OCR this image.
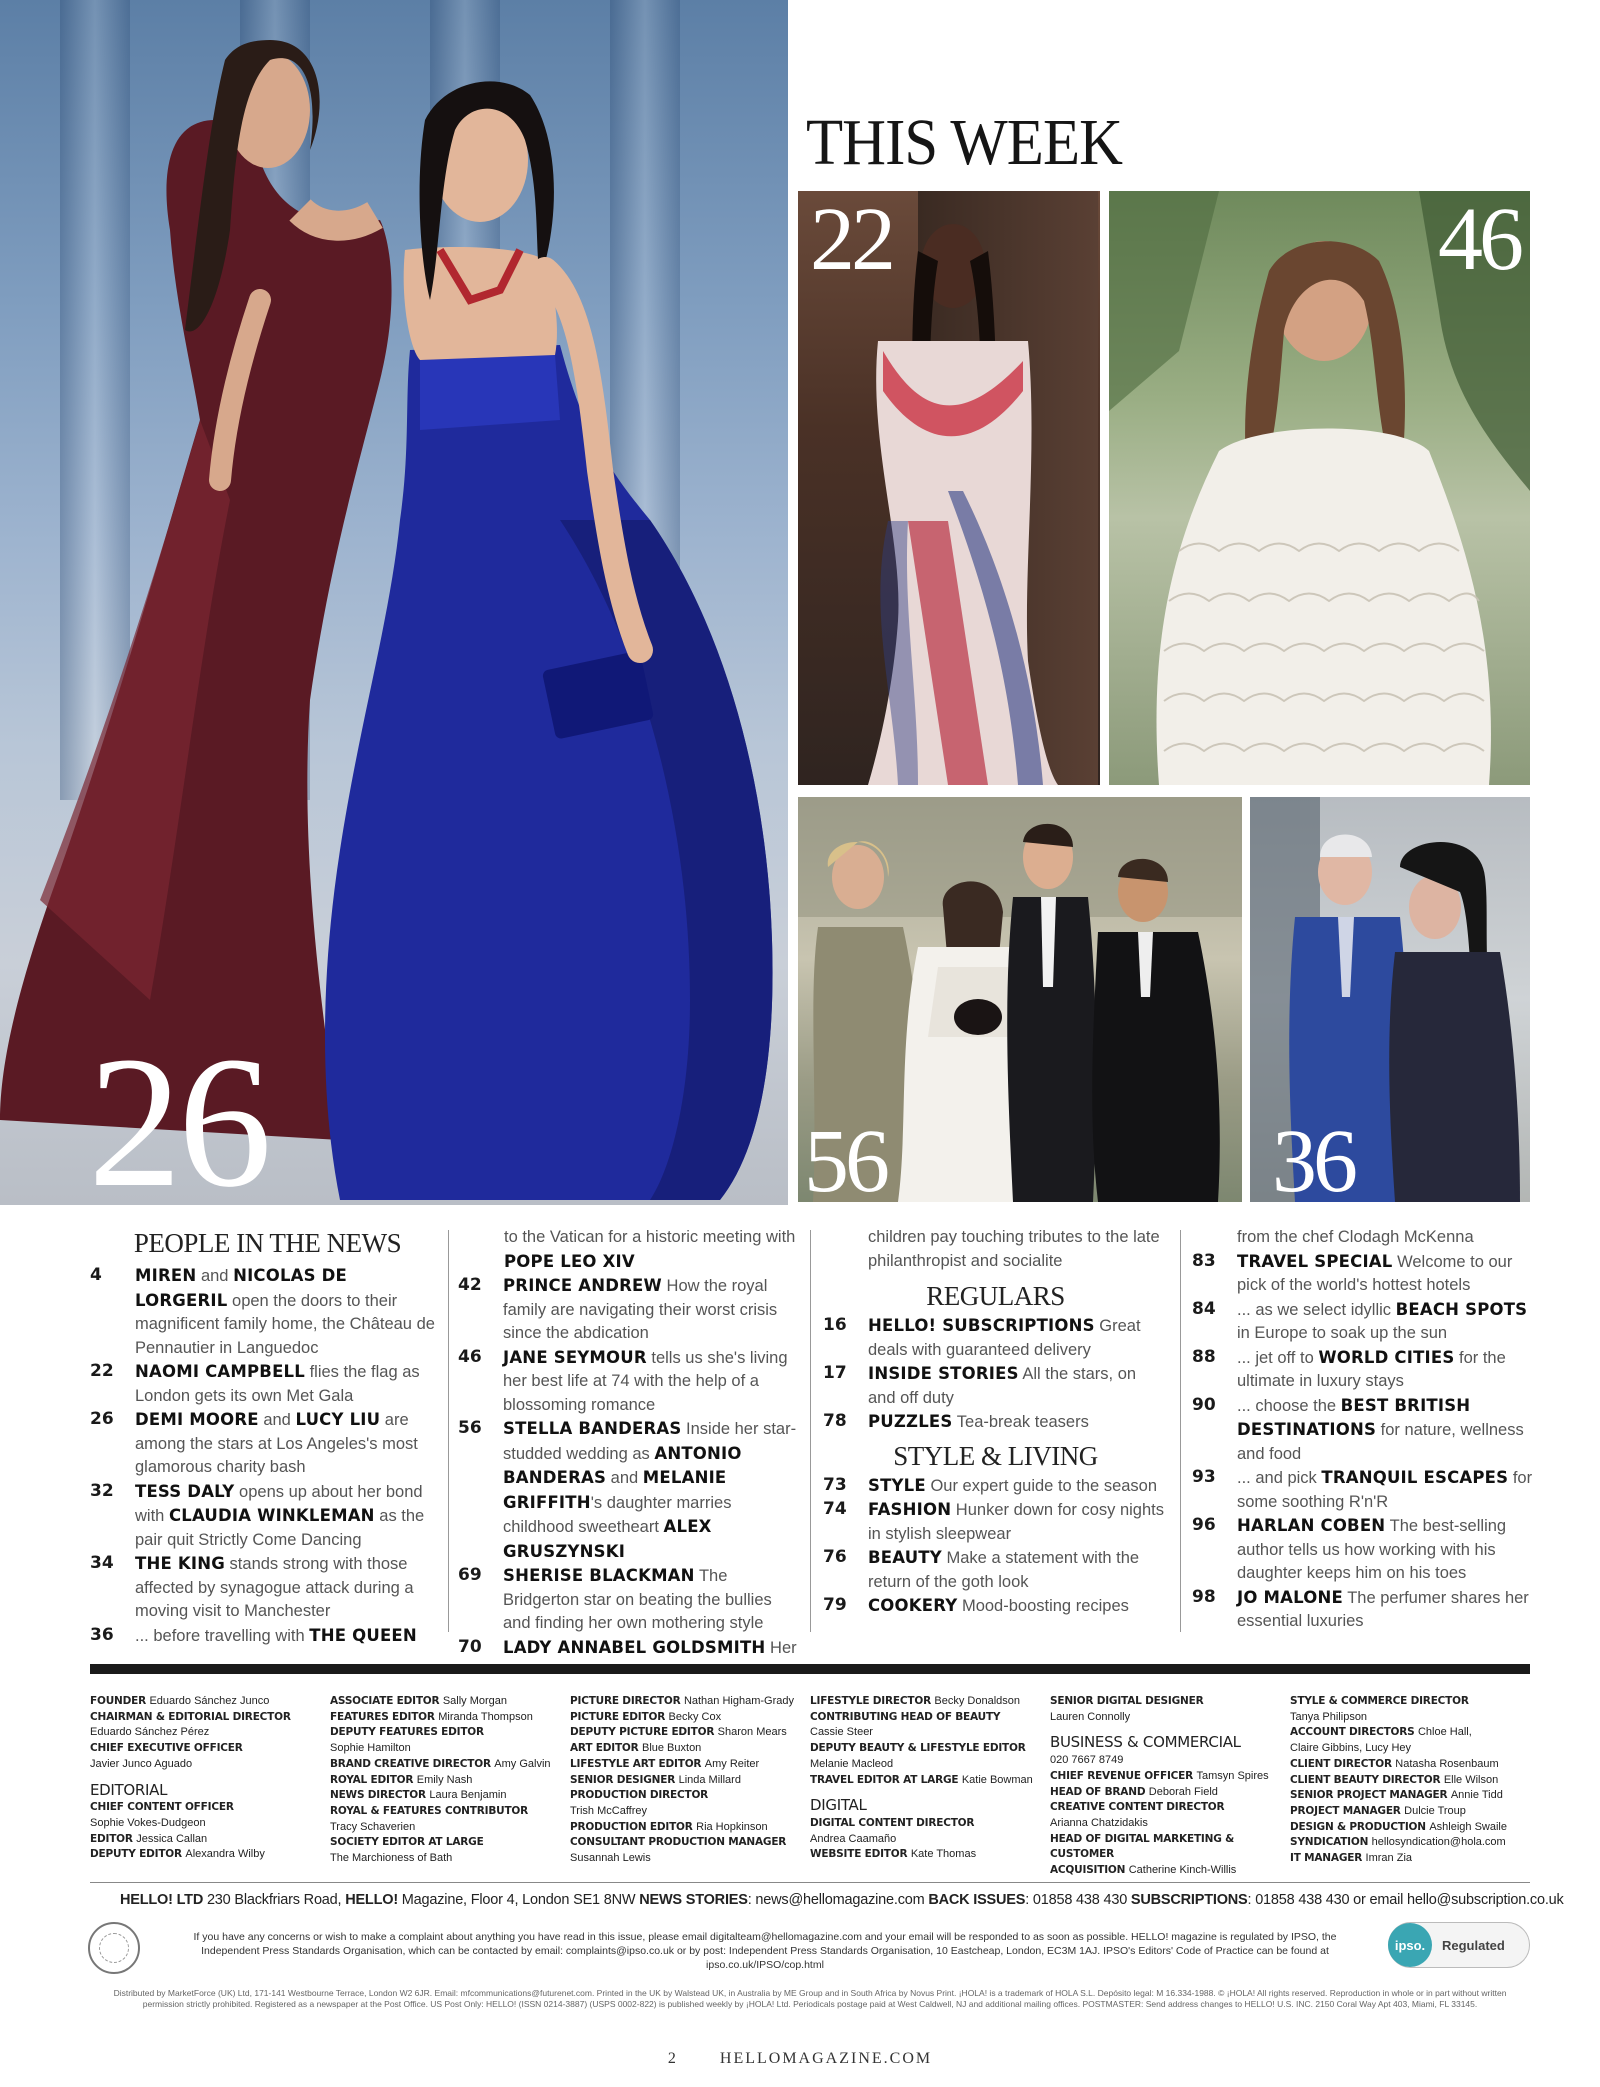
26
THIS WEEK
22	46
56	36
PEOPLE IN THE NEWS
4	MIREN and NICOLAS DE LORGERIL open the doors to their magnificent family home, the Château de Pennautier in Languedoc
22	NAOMI CAMPBELL flies the flag as London gets its own Met Gala
26	DEMI MOORE and LUCY LIU are among the stars at Los Angeles's most glamorous charity bash
32	TESS DALY opens up about her bond with CLAUDIA WINKLEMAN as the pair quit Strictly Come Dancing
34	THE KING stands strong with those affected by synagogue attack during a moving visit to Manchester
36	... before travelling with THE QUEEN
to the Vatican for a historic meeting with POPE LEO XIV
42	PRINCE ANDREW How the royal family are navigating their worst crisis since the abdication
46	JANE SEYMOUR tells us she's living her best life at 74 with the help of a blossoming romance
56	STELLA BANDERAS Inside her star-studded wedding as ANTONIO BANDERAS and MELANIE GRIFFITH's daughter marries childhood sweetheart ALEX GRUSZYNSKI
69	SHERISE BLACKMAN The Bridgerton star on beating the bullies and finding her own mothering style
70	LADY ANNABEL GOLDSMITH Her
children pay touching tributes to the late philanthropist and socialite
REGULARS
16	HELLO! SUBSCRIPTIONS Great deals with guaranteed delivery
17	INSIDE STORIES All the stars, on and off duty
78	PUZZLES Tea-break teasers
STYLE & LIVING
73	STYLE Our expert guide to the season
74	FASHION Hunker down for cosy nights in stylish sleepwear
76	BEAUTY Make a statement with the return of the goth look
79	COOKERY Mood-boosting recipes
from the chef Clodagh McKenna
83	TRAVEL SPECIAL Welcome to our pick of the world's hottest hotels
84	... as we select idyllic BEACH SPOTS in Europe to soak up the sun
88	... jet off to WORLD CITIES for the ultimate in luxury stays
90	... choose the BEST BRITISH DESTINATIONS for nature, wellness and food
93	... and pick TRANQUIL ESCAPES for some soothing R'n'R
96	HARLAN COBEN The best-selling author tells us how working with his daughter keeps him on his toes
98	JO MALONE The perfumer shares her essential luxuries
FOUNDER Eduardo Sánchez Junco
CHAIRMAN & EDITORIAL DIRECTOR
Eduardo Sánchez Pérez
CHIEF EXECUTIVE OFFICER
Javier Junco Aguado
EDITORIAL
CHIEF CONTENT OFFICER
Sophie Vokes-Dudgeon
EDITOR Jessica Callan
DEPUTY EDITOR Alexandra Wilby
ASSOCIATE EDITOR Sally Morgan
FEATURES EDITOR Miranda Thompson
DEPUTY FEATURES EDITOR
Sophie Hamilton
BRAND CREATIVE DIRECTOR Amy Galvin
ROYAL EDITOR Emily Nash
NEWS DIRECTOR Laura Benjamin
ROYAL & FEATURES CONTRIBUTOR
Tracy Schaverien
SOCIETY EDITOR AT LARGE
The Marchioness of Bath
PICTURE DIRECTOR Nathan Higham-Grady
PICTURE EDITOR Becky Cox
DEPUTY PICTURE EDITOR Sharon Mears
ART EDITOR Blue Buxton
LIFESTYLE ART EDITOR Amy Reiter
SENIOR DESIGNER Linda Millard
PRODUCTION DIRECTOR
Trish McCaffrey
PRODUCTION EDITOR Ria Hopkinson
CONSULTANT PRODUCTION MANAGER
Susannah Lewis
LIFESTYLE DIRECTOR Becky Donaldson
CONTRIBUTING HEAD OF BEAUTY
Cassie Steer
DEPUTY BEAUTY & LIFESTYLE EDITOR
Melanie Macleod
TRAVEL EDITOR AT LARGE Katie Bowman
DIGITAL
DIGITAL CONTENT DIRECTOR
Andrea Caamaño
WEBSITE EDITOR Kate Thomas
SENIOR DIGITAL DESIGNER
Lauren Connolly
BUSINESS & COMMERCIAL
020 7667 8749
CHIEF REVENUE OFFICER Tamsyn Spires
HEAD OF BRAND Deborah Field
CREATIVE CONTENT DIRECTOR
Arianna Chatzidakis
HEAD OF DIGITAL MARKETING & CUSTOMER
ACQUISITION Catherine Kinch-Willis
STYLE & COMMERCE DIRECTOR
Tanya Philipson
ACCOUNT DIRECTORS Chloe Hall,
Claire Gibbins, Lucy Hey
CLIENT DIRECTOR Natasha Rosenbaum
CLIENT BEAUTY DIRECTOR Elle Wilson
SENIOR PROJECT MANAGER Annie Tidd
PROJECT MANAGER Dulcie Troup
DESIGN & PRODUCTION Ashleigh Swaile
SYNDICATION hellosyndication@hola.com
IT MANAGER Imran Zia
HELLO! LTD 230 Blackfriars Road, HELLO! Magazine, Floor 4, London SE1 8NW NEWS STORIES: news@hellomagazine.com BACK ISSUES: 01858 438 430 SUBSCRIPTIONS: 01858 438 430 or email hello@subscription.co.uk
If you have any concerns or wish to make a complaint about anything you have read in this issue, please email digitalteam@hellomagazine.com and your email will be responded to as soon as possible. HELLO! magazine is regulated by IPSO, the Independent Press Standards Organisation, which can be contacted by email: complaints@ipso.co.uk or by post: Independent Press Standards Organisation, 10 Eastcheap, London, EC3M 1AJ. IPSO's Editors' Code of Practice can be found at ipso.co.uk/IPSO/cop.html
ipso.	Regulated
Distributed by MarketForce (UK) Ltd, 171-141 Westbourne Terrace, London W2 6JR. Email: mfcommunications@futurenet.com. Printed in the UK by Walstead UK, in Australia by ME Group and in South Africa by Novus Print. ¡HOLA! is a trademark of HOLA S.L. Depósito legal: M 16.334-1988. © ¡HOLA! All rights reserved. Reproduction in whole or in part without written permission strictly prohibited. Registered as a newspaper at the Post Office. US Post Only: HELLO! (ISSN 0214-3887) (USPS 0002-822) is published weekly by ¡HOLA! Ltd. Periodicals postage paid at West Caldwell, NJ and additional mailing offices. POSTMASTER: Send address changes to HELLO! U.S. INC. 2150 Coral Way Apt 403, Miami, FL 33145.
2	HELLOMAGAZINE.COM
